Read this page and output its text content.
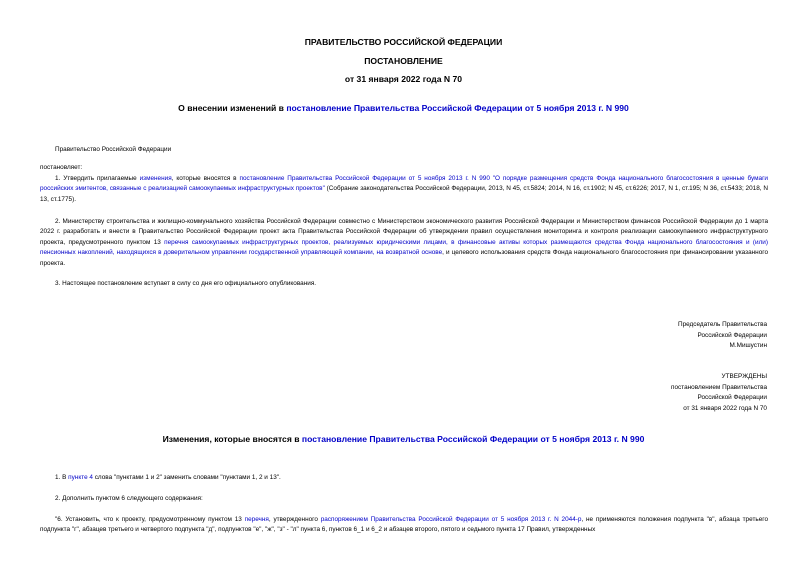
ПРАВИТЕЛЬСТВО РОССИЙСКОЙ ФЕДЕРАЦИИ
ПОСТАНОВЛЕНИЕ
от 31 января 2022 года N 70
О внесении изменений в постановление Правительства Российской Федерации от 5 ноября 2013 г. N 990
Правительство Российской Федерации
постановляет:
1. Утвердить прилагаемые изменения, которые вносятся в постановление Правительства Российской Федерации от 5 ноября 2013 г. N 990 "О порядке размещения средств Фонда национального благосостояния в ценные бумаги российских эмитентов, связанные с реализацией самоокупаемых инфраструктурных проектов" (Собрание законодательства Российской Федерации, 2013, N 45, ст.5824; 2014, N 16, ст.1902; N 45, ст.6226; 2017, N 1, ст.195; N 36, ст.5433; 2018, N 13, ст.1775).
2. Министерству строительства и жилищно-коммунального хозяйства Российской Федерации совместно с Министерством экономического развития Российской Федерации и Министерством финансов Российской Федерации до 1 марта 2022 г. разработать и внести в Правительство Российской Федерации проект акта Правительства Российской Федерации об утверждении правил осуществления мониторинга и контроля реализации самоокупаемого инфраструктурного проекта, предусмотренного пунктом 13 перечня самоокупаемых инфраструктурных проектов, реализуемых юридическими лицами, в финансовые активы которых размещаются средства Фонда национального благосостояния и (или) пенсионных накоплений, находящихся в доверительном управлении государственной управляющей компании, на возвратной основе, и целевого использования средств Фонда национального благосостояния при финансировании указанного проекта.
3. Настоящее постановление вступает в силу со дня его официального опубликования.
Председатель Правительства
Российской Федерации
М.Мишустин
УТВЕРЖДЕНЫ
постановлением Правительства
Российской Федерации
от 31 января 2022 года N 70
Изменения, которые вносятся в постановление Правительства Российской Федерации от 5 ноября 2013 г. N 990
1. В пункте 4 слова "пунктами 1 и 2" заменить словами "пунктами 1, 2 и 13".
2. Дополнить пунктом 6 следующего содержания:
"6. Установить, что к проекту, предусмотренному пунктом 13 перечня, утвержденного распоряжением Правительства Российской Федерации от 5 ноября 2013 г. N 2044-р, не применяются положения подпункта "в", абзаца третьего подпункта "г", абзацев третьего и четвертого подпункта "д", подпунктов "е", "ж", "з" - "л" пункта 6, пунктов 6_1 и 6_2 и абзацев второго, пятого и седьмого пункта 17 Правил, утвержденных
